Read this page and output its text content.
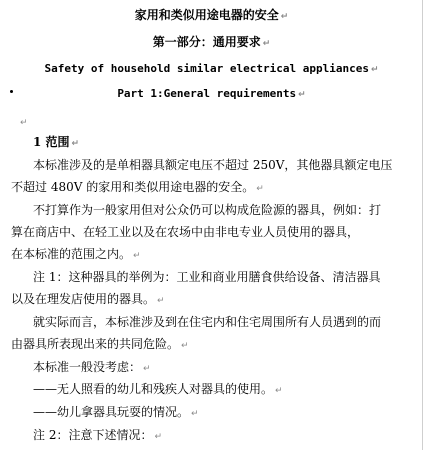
家用和类似用途电器的安全 ↵
第一部分：通用要求 ↵
Safety of household similar electrical appliances ↵
Part 1:General requirements ↵
↵
1 范围 ↵
本标准涉及的是单相器具额定电压不超过 250V，其他器具额定电压
不超过 480V 的家用和类似用途电器的安全。 ↵
不打算作为一般家用但对公众仍可以构成危险源的器具，例如：打
算在商店中、在轻工业以及在农场中由非电专业人员使用的器具，
在本标准的范围之内。 ↵
注 1：这种器具的举例为：工业和商业用膳食供给设备、清洁器具
以及在理发店使用的器具。 ↵
就实际而言，本标准涉及到在住宅内和住宅周围所有人员遇到的而
由器具所表现出来的共同危险。 ↵
本标准一般没考虑： ↵
——无人照看的幼儿和残疾人对器具的使用。 ↵
——幼儿拿器具玩耍的情况。 ↵
注 2：注意下述情况： ↵
